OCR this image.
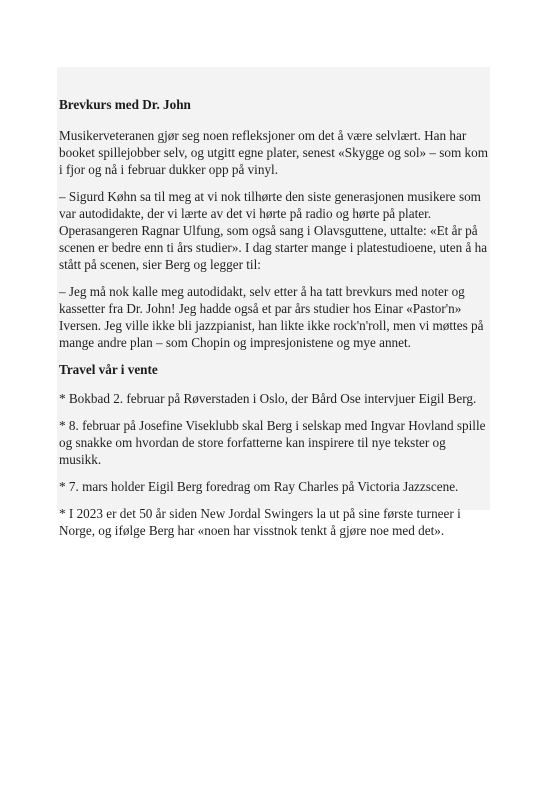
Brevkurs med Dr. John

Musikerveteranen gjør seg noen refleksjoner om det å være selvlært. Han har booket spillejobber selv, og utgitt egne plater, senest «Skygge og sol» – som kom i fjor og nå i februar dukker opp på vinyl.

– Sigurd Køhn sa til meg at vi nok tilhørte den siste generasjonen musikere som var autodidakte, der vi lærte av det vi hørte på radio og hørte på plater. Operasangeren Ragnar Ulfung, som også sang i Olavsguttene, uttalte: «Et år på scenen er bedre enn ti års studier». I dag starter mange i platestudioene, uten å ha stått på scenen, sier Berg og legger til:

– Jeg må nok kalle meg autodidakt, selv etter å ha tatt brevkurs med noter og kassetter fra Dr. John! Jeg hadde også et par års studier hos Einar «Pastor'n» Iversen. Jeg ville ikke bli jazzpianist, han likte ikke rock'n'roll, men vi møttes på mange andre plan – som Chopin og impresjonistene og mye annet.

Travel vår i vente

* Bokbad 2. februar på Røverstaden i Oslo, der Bård Ose intervjuer Eigil Berg.

* 8. februar på Josefine Viseklubb skal Berg i selskap med Ingvar Hovland spille og snakke om hvordan de store forfatterne kan inspirere til nye tekster og musikk.

* 7. mars holder Eigil Berg foredrag om Ray Charles på Victoria Jazzscene.

* I 2023 er det 50 år siden New Jordal Swingers la ut på sine første turneer i Norge, og ifølge Berg har «noen har visstnok tenkt å gjøre noe med det».
